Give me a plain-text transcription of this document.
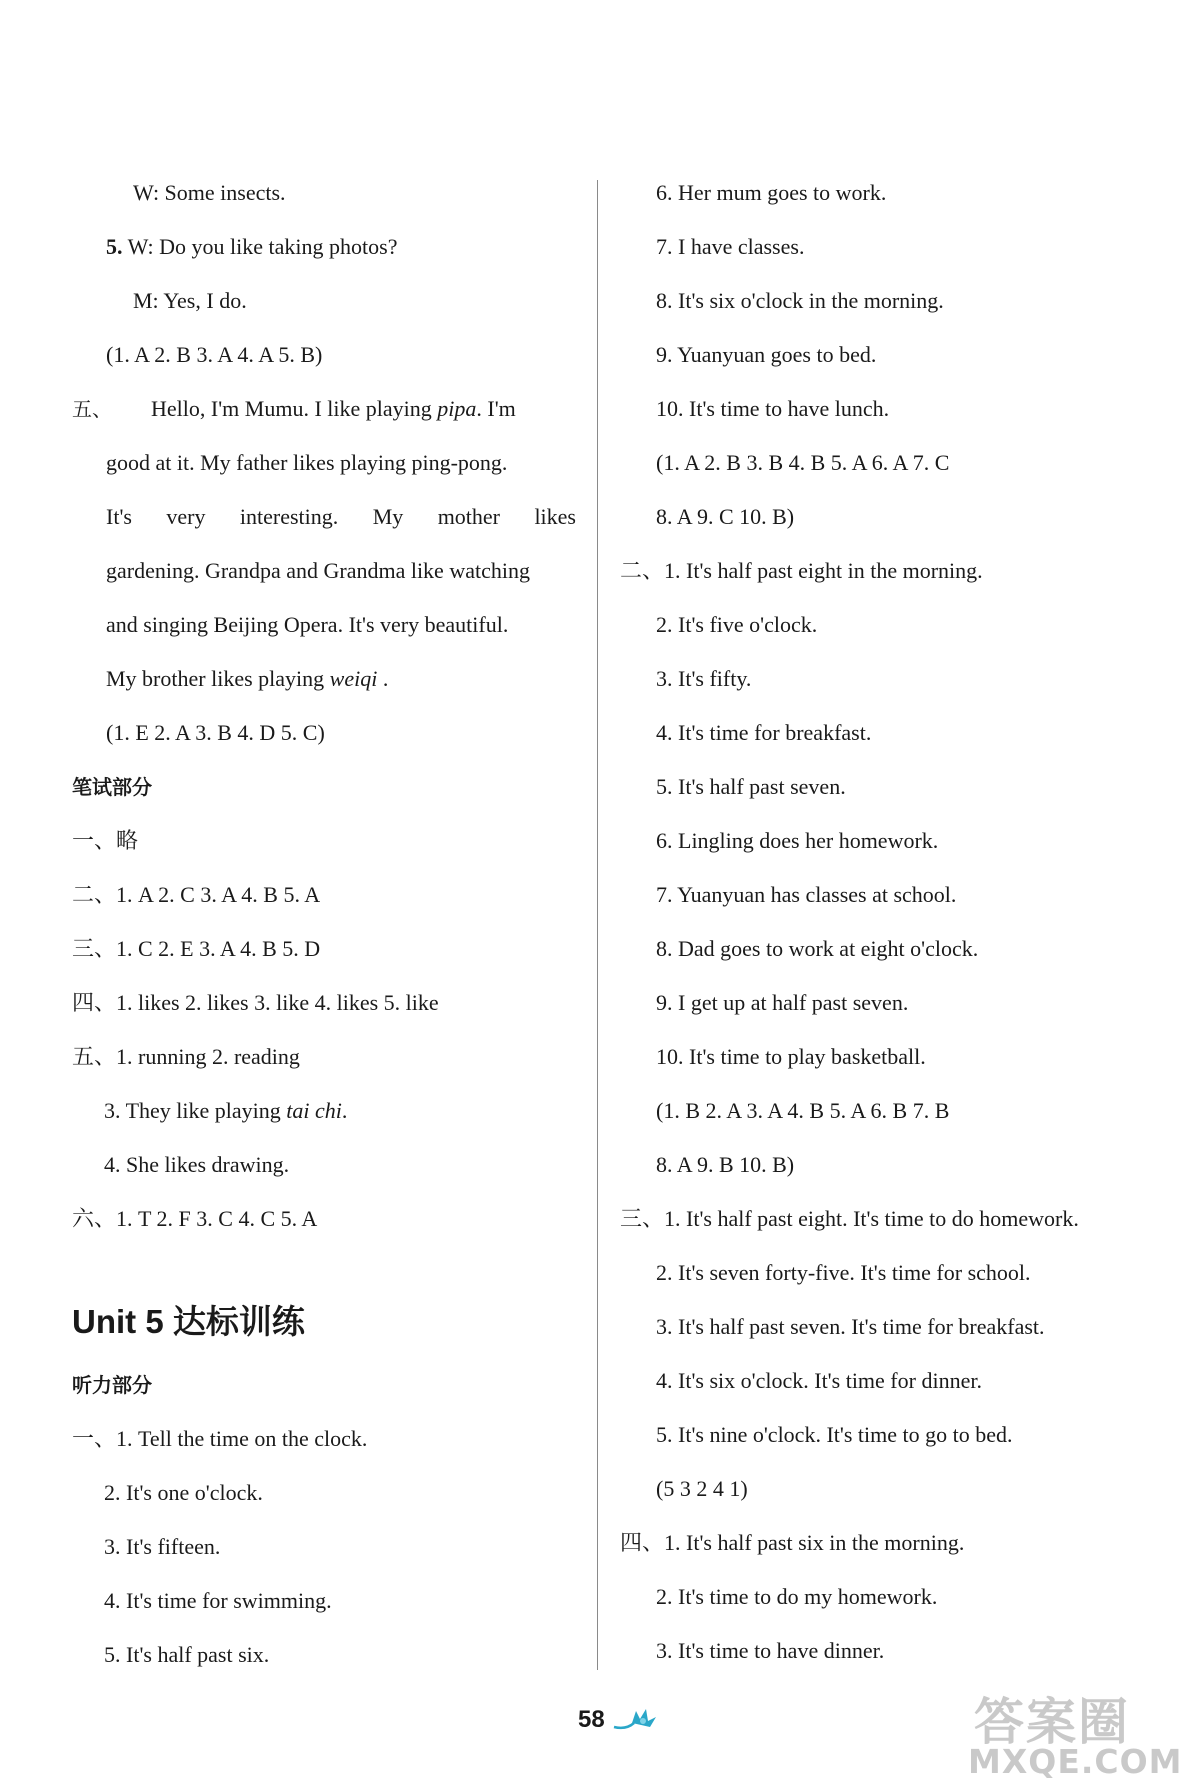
W: Some insects.
5. W: Do you like taking photos?
M: Yes, I do.
(1. A 2. B 3. A 4. A 5. B)
五、 Hello, I'm Mumu. I like playing pipa. I'm
good at it. My father likes playing ping-pong.
It's very interesting. My mother likes
gardening. Grandpa and Grandma like watching
and singing Beijing Opera. It's very beautiful.
My brother likes playing weiqi .
(1. E 2. A 3. B 4. D 5. C)
笔试部分
一、略
二、1. A 2. C 3. A 4. B 5. A
三、1. C 2. E 3. A 4. B 5. D
四、1. likes 2. likes 3. like 4. likes 5. like
五、1. running 2. reading
3. They like playing tai chi.
4. She likes drawing.
六、1. T 2. F 3. C 4. C 5. A
Unit 5 达标训练
听力部分
一、1. Tell the time on the clock.
2. It's one o'clock.
3. It's fifteen.
4. It's time for swimming.
5. It's half past six.
6. Her mum goes to work.
7. I have classes.
8. It's six o'clock in the morning.
9. Yuanyuan goes to bed.
10. It's time to have lunch.
(1. A 2. B 3. B 4. B 5. A 6. A 7. C
8. A 9. C 10. B)
二、1. It's half past eight in the morning.
2. It's five o'clock.
3. It's fifty.
4. It's time for breakfast.
5. It's half past seven.
6. Lingling does her homework.
7. Yuanyuan has classes at school.
8. Dad goes to work at eight o'clock.
9. I get up at half past seven.
10. It's time to play basketball.
(1. B 2. A 3. A 4. B 5. A 6. B 7. B
8. A 9. B 10. B)
三、1. It's half past eight. It's time to do homework.
2. It's seven forty-five. It's time for school.
3. It's half past seven. It's time for breakfast.
4. It's six o'clock. It's time for dinner.
5. It's nine o'clock. It's time to go to bed.
(5 3 2 4 1)
四、1. It's half past six in the morning.
2. It's time to do my homework.
3. It's time to have dinner.
58	答案圈
MXQE.COM
